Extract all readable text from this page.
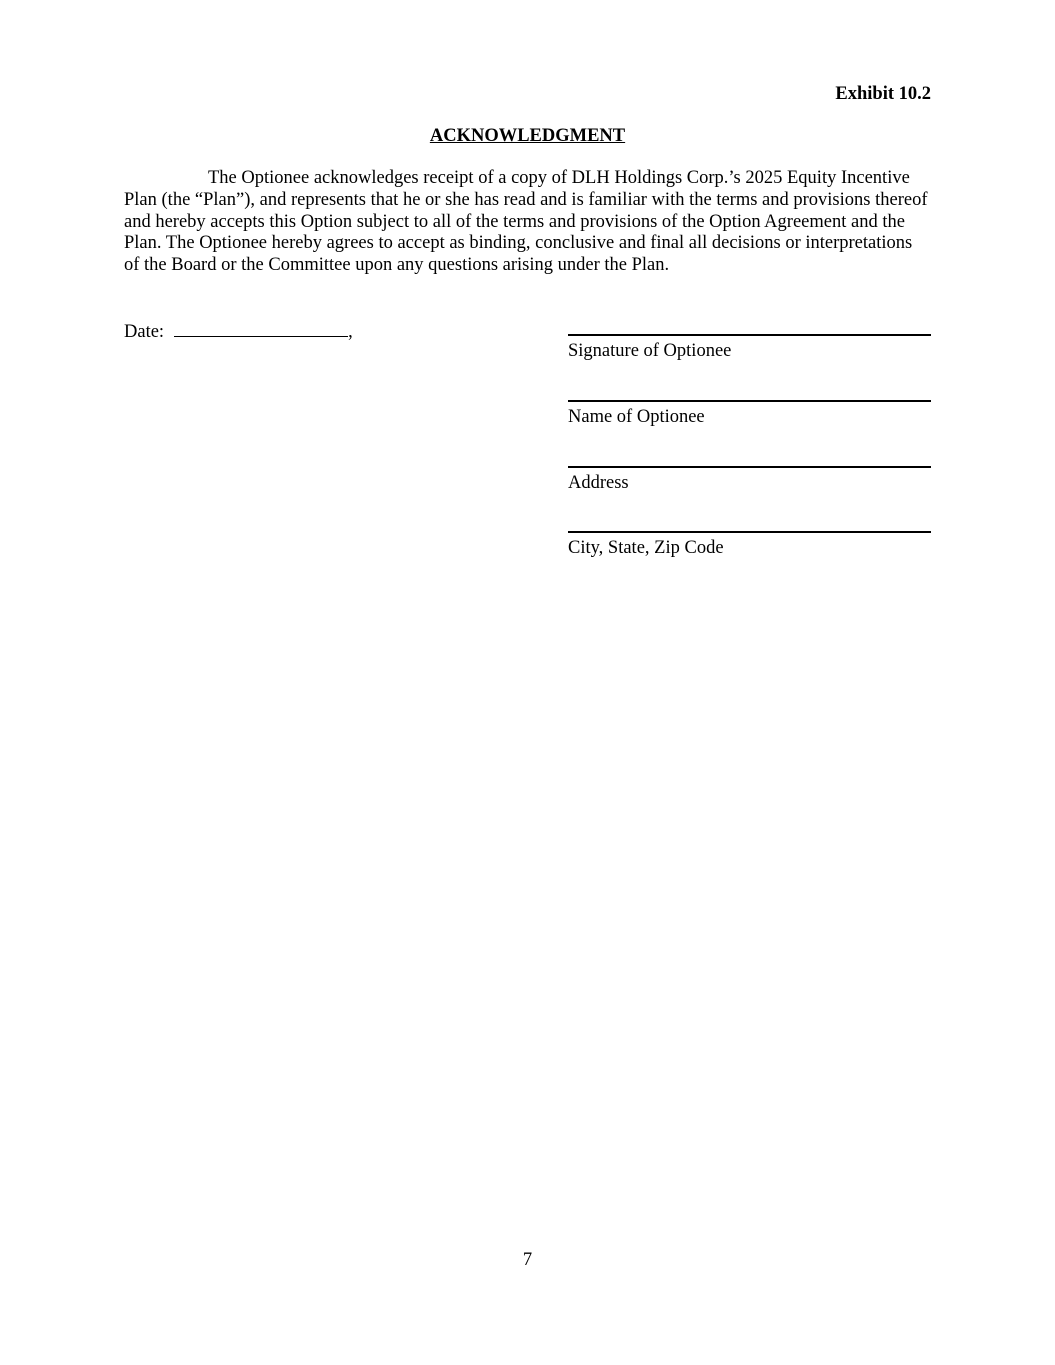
Exhibit 10.2
ACKNOWLEDGMENT

The Optionee acknowledges receipt of a copy of DLH Holdings Corp.’s 2025 Equity Incentive Plan (the “Plan”), and represents that he or she has read and is familiar with the terms and provisions thereof and hereby accepts this Option subject to all of the terms and provisions of the Option Agreement and the Plan. The Optionee hereby agrees to accept as binding, conclusive and final all decisions or interpretations of the Board or the Committee upon any questions arising under the Plan.

Date:	,
Signature of Optionee
Name of Optionee
Address
City, State, Zip Code
7
